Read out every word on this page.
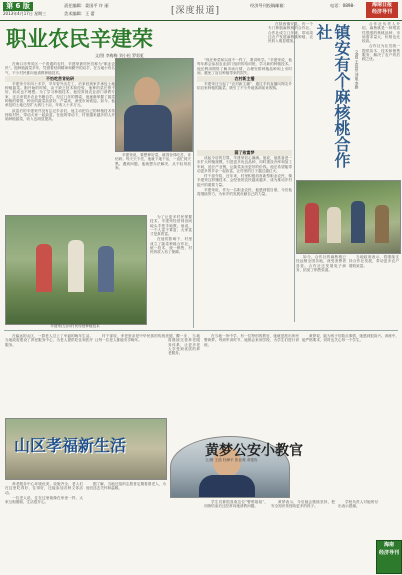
第 6 版
2013年4月17日 星期三
责任编辑：姜国平 许 丽
美术编辑：王 蕾	[深度报道]
经济导刊投稿邮箱：	电话：0898-	海南日报
经济导刊
职业农民辛建荣
文/图 李梅梅 刘小松 罗彩虹

在海口市秀英区一个普通的农村，辛建荣被村民们称为“职业农民”。他种植蔬菜多年，凭借着钻研精神和勤劳的双手，在当地小有名气，不少村民都向他请教种植技术。

不怕吃苦肯钻研

辛建荣今年四十多岁，早年曾外出打工，后来回到家乡承包土地种植蔬菜。刚开始的时候，由于缺乏技术和经验，他种的菜长势不好，收成也不理想。为了学习种植技术，他经常到农业部门请教专家，还买来很多农业书籍自学。经过几年的摸索，他逐渐掌握了蔬菜种植的要领，种出的蔬菜品质好、产量高，深受市场欢迎。如今，他承包的土地已经扩大到几十亩，年收入十多万元。

致富后的辛建荣并没有忘记乡亲们，他主动把自己的种植技术传授给村民，带动大家一起致富。在他的带动下，村里越来越多的人开始种植蔬菜，收入也明显提高。

辛建荣说，要想种好菜，就得舍得吃苦，肯钻研。每天天不亮，他就下地干活，一直忙到天黑。遇到问题，他就想办法解决，从不轻易放弃。

辛建荣(左)向村民传授种植技术

为了让更多村民掌握技术，辛建荣经常到田间地头手把手地教。他说，一个人富不算富，大家富才是真的富。

在他的影响下，村里成立了蔬菜种植合作社，统一技术、统一销售，村民的收入有了保障。

“现在种菜和以前不一样了，要讲科学。”辛建荣说，他每年都会参加农业部门组织的培训班，学习新的种植技术。他还利用网络了解市场行情，合理安排种植品种和上市时间，避免了盲目种植带来的损失。

农村新主播

辛建荣还当起了“农村新主播”，通过手机直播向网友介绍自家种植的蔬菜，吸引了不少外地客商前来收购。

圆了致富梦

谈起今后的打算，辛建荣信心满满。他说，他准备进一步扩大种植规模，引进更多优良品种，同时建设冷库和加工车间，延长产业链，让蔬菜卖出更好的价钱。他还希望能带动更多的乡亲一起致富，让村里的日子越过越红火。

村干部介绍，近年来，村里积极培育新型职业农民，像辛建荣这样懂技术、会经营的农民越来越多，成为推动乡村振兴的重要力量。

辛建荣说，作为一名职业农民，他感到很自豪，今后他将继续努力，为家乡的发展贡献自己的力量。

在陕西镇安县，有一个专门种植麻核桃的合作社。合作社成立几年来，带动周边农户发展麻核桃种植，农民收入明显增加。	镇安有个麻核桃合作社
文/图 王蓓蓓 刘旭 李娟

合作社负责人介绍，麻核桃是一种观赏性很强的核桃品种，市场需求量大，价格也比较高。

合作社为社员统一提供苗木、技术和销售服务，解决了农户的后顾之忧。

如今，合作社的麻核桃已经远销全国各地，深受消费者喜爱。合作社还发展电子商务，拓宽了销售渠道。

当地政府表示，将继续支持合作社发展，带动更多农户增收致富。

在偏远的山区，一群老人过上了幸福的晚年生活。当地政府建设了养老服务中心，为老人提供吃住和医疗服务。

村干部说，孝老爱亲是中华民族的传统美德，要让每一位老人都能安享晚年。

山区孝福新生活

养老服务中心环境优美，设施齐全，老人们在这里吃得好、住得好，还能参加各种文体活动。

一位老人说，住在这里就像在家里一样，大家互相照顾，生活很开心。

据了解，当地还组织志愿者定期看望老人，为他们送去关怀和温暖。

下一步，当地将继续完善养老服务体系，让更多老人享受到优质的养老服务。

在当地一所中学，有一位特别的教官，她就是派出所民警黄梦。每到军训时节，她都会来到学校，为学生们进行训练。

黄梦说，能为孩子们做点事情，她感到很高兴。训练中，她严格要求，同时也关心每一个学生。

黄梦公安小教官
文/图 王蓓 杜峰平 张亚莉 邓建容

学生们都很喜欢这位“警察姐姐”，训练结束后还经常向她请教问题。

黄梦表示，今后她会继续坚持，把安全知识传授给更多的孩子。

学校负责人对她的付出表示感谢。

海南
经济导刊
